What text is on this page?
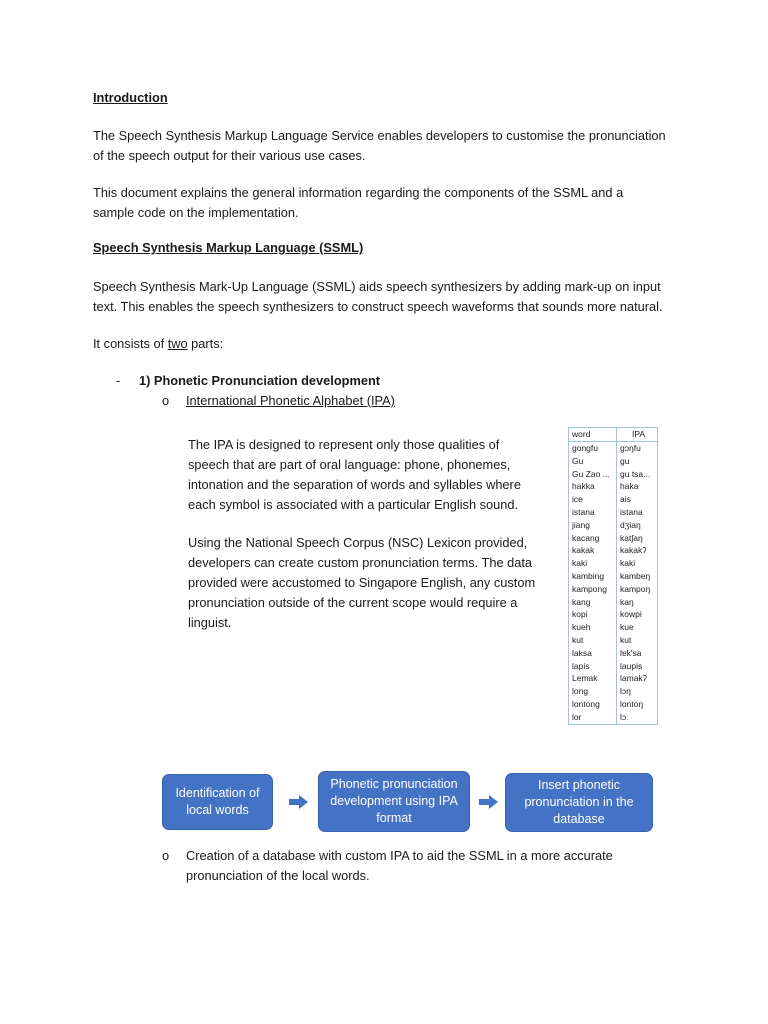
Introduction
The Speech Synthesis Markup Language Service enables developers to customise the pronunciation
of the speech output for their various use cases.
This document explains the general information regarding the components of the SSML and a
sample code on the implementation.
Speech Synthesis Markup Language (SSML)
Speech Synthesis Mark-Up Language (SSML) aids speech synthesizers by adding mark-up on input
text. This enables the speech synthesizers to construct speech waveforms that sounds more natural.
It consists of two parts:
- 1) Phonetic Pronunciation development
o International Phonetic Alphabet (IPA)
The IPA is designed to represent only those qualities of
speech that are part of oral language: phone, phonemes,
intonation and the separation of words and syllables where
each symbol is associated with a particular English sound.
Using the National Speech Corpus (NSC) Lexicon provided,
developers can create custom pronunciation terms. The data
provided were accustomed to Singapore English, any custom
pronunciation outside of the current scope would require a
linguist.
word	IPA
gongfu	gɔŋfu
Gu	gu
Gu Zao ...	gu tsa...
hakka	haka
ice	ais
istana	istana
jiang	dʒiaŋ
kacang	katʃaŋ
kakak	kakakʔ
kaki	kaki
kambing	kambeŋ
kampong	kampoŋ
kang	kaŋ
kopi	kowpi
kueh	kue
kut	kut
laksa	lɐk'sa
lapis	laupis
Lemak	lamakʔ
long	lɔŋ
lontong	lontoŋ
lor	lɔː
Identification of
local words
Phonetic pronunciation
development using IPA
format
Insert phonetic
pronunciation in the
database
o Creation of a database with custom IPA to aid the SSML in a more accurate
pronunciation of the local words.
